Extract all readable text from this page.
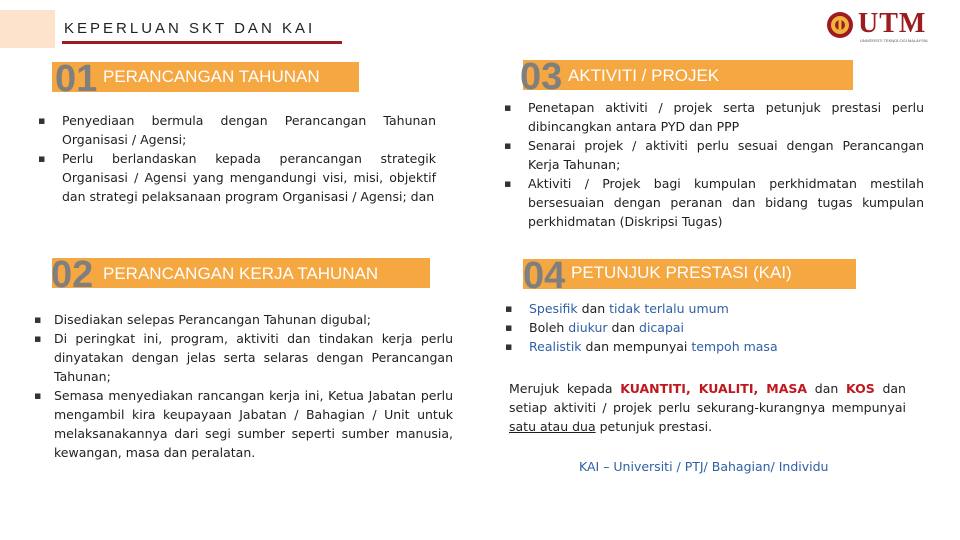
KEPERLUAN SKT DAN KAI	UTM
UNIVERSITI TEKNOLOGI MALAYSIA
01 PERANCANGAN TAHUNAN
▪ Penyediaan bermula dengan Perancangan Tahunan Organisasi / Agensi;
▪ Perlu berlandaskan kepada perancangan strategik Organisasi / Agensi yang mengandungi visi, misi, objektif dan strategi pelaksanaan program Organisasi / Agensi; dan
02 PERANCANGAN KERJA TAHUNAN
▪ Disediakan selepas Perancangan Tahunan digubal;
▪ Di peringkat ini, program, aktiviti dan tindakan kerja perlu dinyatakan dengan jelas serta selaras dengan Perancangan Tahunan;
▪ Semasa menyediakan rancangan kerja ini, Ketua Jabatan perlu mengambil kira keupayaan Jabatan / Bahagian / Unit untuk melaksanakannya dari segi sumber seperti sumber manusia, kewangan, masa dan peralatan.
03 AKTIVITI / PROJEK
▪ Penetapan aktiviti / projek serta petunjuk prestasi perlu dibincangkan antara PYD dan PPP
▪ Senarai projek / aktiviti perlu sesuai dengan Perancangan Kerja Tahunan;
▪ Aktiviti / Projek bagi kumpulan perkhidmatan mestilah bersesuaian dengan peranan dan bidang tugas kumpulan perkhidmatan (Diskripsi Tugas)
04 PETUNJUK PRESTASI (KAI)
▪ Spesifik dan tidak terlalu umum
▪ Boleh diukur dan dicapai
▪ Realistik dan mempunyai tempoh masa
Merujuk kepada KUANTITI, KUALITI, MASA dan KOS dan setiap aktiviti / projek perlu sekurang-kurangnya mempunyai satu atau dua petunjuk prestasi.
KAI – Universiti / PTJ/ Bahagian/ Individu
